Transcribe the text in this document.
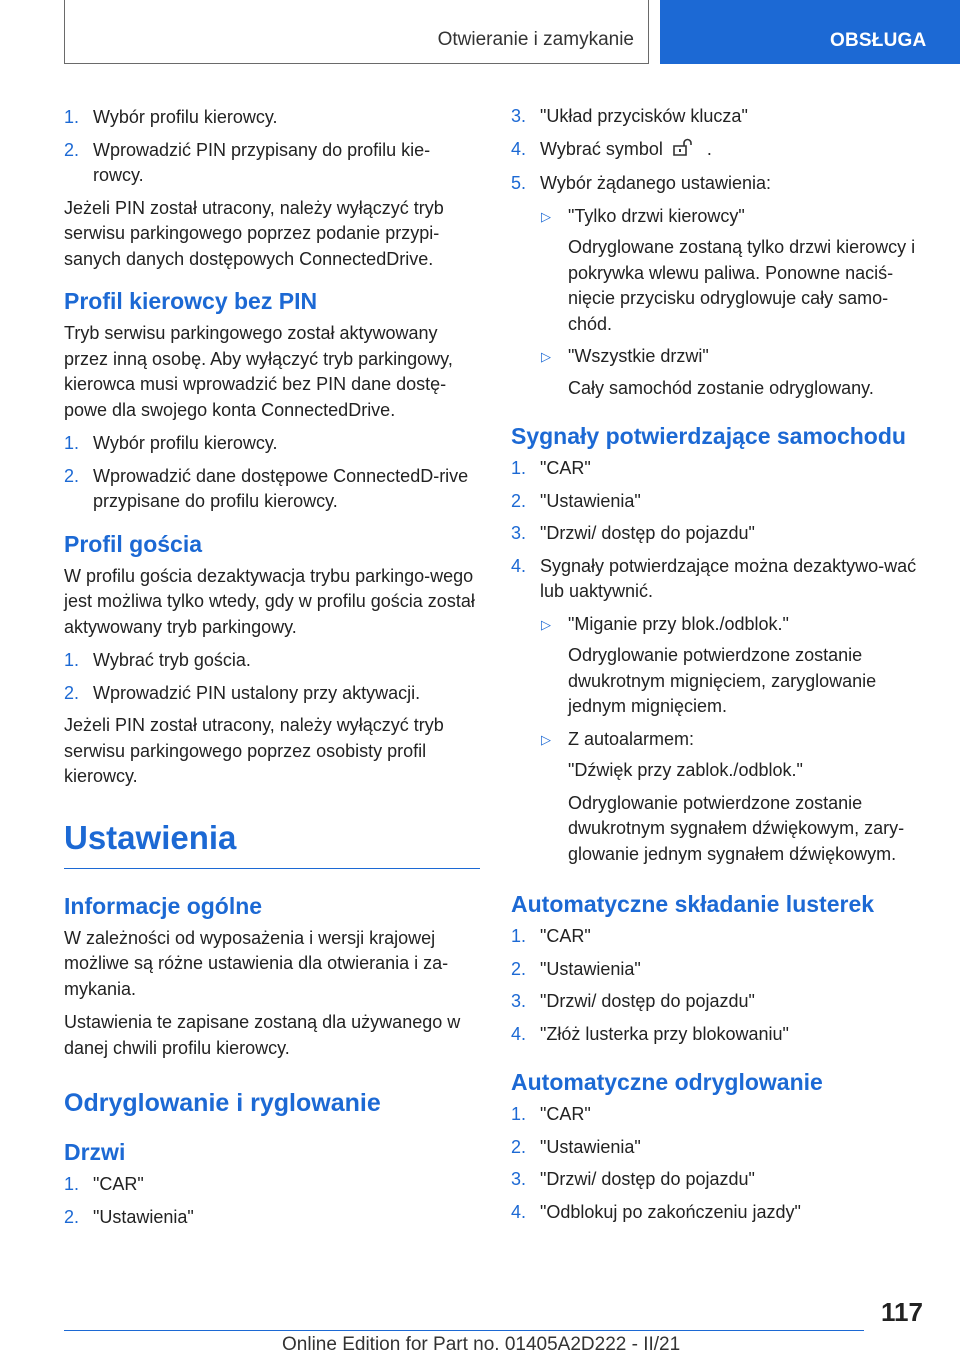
Otwieranie i zamykanie	OBSŁUGA
1. Wybór profilu kierowcy.
2. Wprowadzić PIN przypisany do profilu kie-rowcy.

Jeżeli PIN został utracony, należy wyłączyć tryb serwisu parkingowego poprzez podanie przypi-sanych danych dostępowych ConnectedDrive.

Profil kierowcy bez PIN

Tryb serwisu parkingowego został aktywowany przez inną osobę. Aby wyłączyć tryb parkingowy, kierowca musi wprowadzić bez PIN dane dostę-powe dla swojego konta ConnectedDrive.

1. Wybór profilu kierowcy.
2. Wprowadzić dane dostępowe ConnectedD-rive przypisane do profilu kierowcy.
Profil gościa

W profilu gościa dezaktywacja trybu parkingo-wego jest możliwa tylko wtedy, gdy w profilu gościa został aktywowany tryb parkingowy.

1. Wybrać tryb gościa.
2. Wprowadzić PIN ustalony przy aktywacji.

Jeżeli PIN został utracony, należy wyłączyć tryb serwisu parkingowego poprzez osobisty profil kierowcy.

Ustawienia
Informacje ogólne

W zależności od wyposażenia i wersji krajowej możliwe są różne ustawienia dla otwierania i za-mykania.

Ustawienia te zapisane zostaną dla używanego w danej chwili profilu kierowcy.

Odryglowanie i ryglowanie
Drzwi
1. "CAR"
2. "Ustawienia"
3. "Układ przycisków klucza"
4. Wybrać symbol .
5. Wybór żądanego ustawienia:
▷ "Tylko drzwi kierowcy"

Odryglowane zostaną tylko drzwi kierowcy i pokrywka wlewu paliwa. Ponowne naciś-nięcie przycisku odryglowuje cały samo-chód.

▷ "Wszystkie drzwi"

Cały samochód zostanie odryglowany.

Sygnały potwierdzające samochodu
1. "CAR"
2. "Ustawienia"
3. "Drzwi/ dostęp do pojazdu"
4. Sygnały potwierdzające można dezaktywo-wać lub uaktywnić.
▷ "Miganie przy blok./odblok."

Odryglowanie potwierdzone zostanie dwukrotnym mignięciem, zaryglowanie jednym mignięciem.

▷ Z autoalarmem:

"Dźwięk przy zablok./odblok."

Odryglowanie potwierdzone zostanie dwukrotnym sygnałem dźwiękowym, zary-glowanie jednym sygnałem dźwiękowym.

Automatyczne składanie lusterek
1. "CAR"
2. "Ustawienia"
3. "Drzwi/ dostęp do pojazdu"
4. "Złóż lusterka przy blokowaniu"
Automatyczne odryglowanie
1. "CAR"
2. "Ustawienia"
3. "Drzwi/ dostęp do pojazdu"
4. "Odblokuj po zakończeniu jazdy"
117
Online Edition for Part no. 01405A2D222 - II/21
